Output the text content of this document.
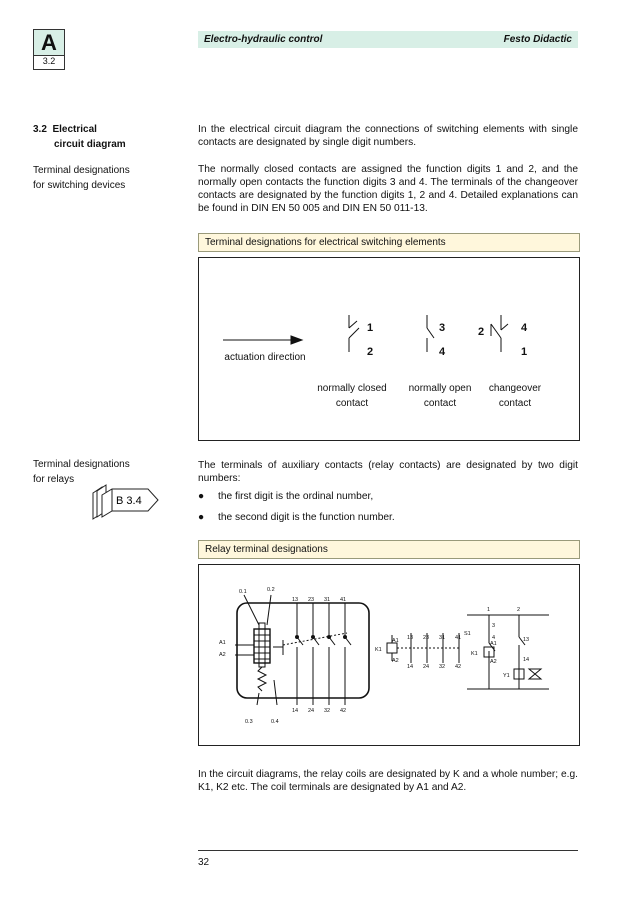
A
3.2
Electro-hydraulic control	Festo Didactic
3.2 Electrical
circuit diagram
Terminal designations
for switching devices
Terminal designations
for relays
B 3.4
In the electrical circuit diagram the connections of switching elements with single contacts are designated by single digit numbers.
The normally closed contacts are assigned the function digits 1 and 2, and the normally open contacts the function digits 3 and 4. The terminals of the changeover contacts are designated by the function digits 1, 2 and 4. Detailed explanations can be found in DIN EN 50 005 and DIN EN 50 011-13.
Terminal designations for electrical switching elements
1
2
3
4
2	4
1
actuation direction
normally closed
contact
normally open
contact
changeover
contact
The terminals of auxiliary contacts (relay contacts) are designated by two digit numbers:
● the first digit is the ordinal number,
● the second digit is the function number.
Relay terminal designations
0.1	0.2
0.3	0.4
A1
A2
13 23 31 41
14 24 32 42
K1
A1
A2
13 23 31 41
14 24 32 42
1	2
S1
3
4
K1
A1
A2
13
14
Y1
In the circuit diagrams, the relay coils are designated by K and a whole number; e.g. K1, K2 etc. The coil terminals are designated by A1 and A2.
32
